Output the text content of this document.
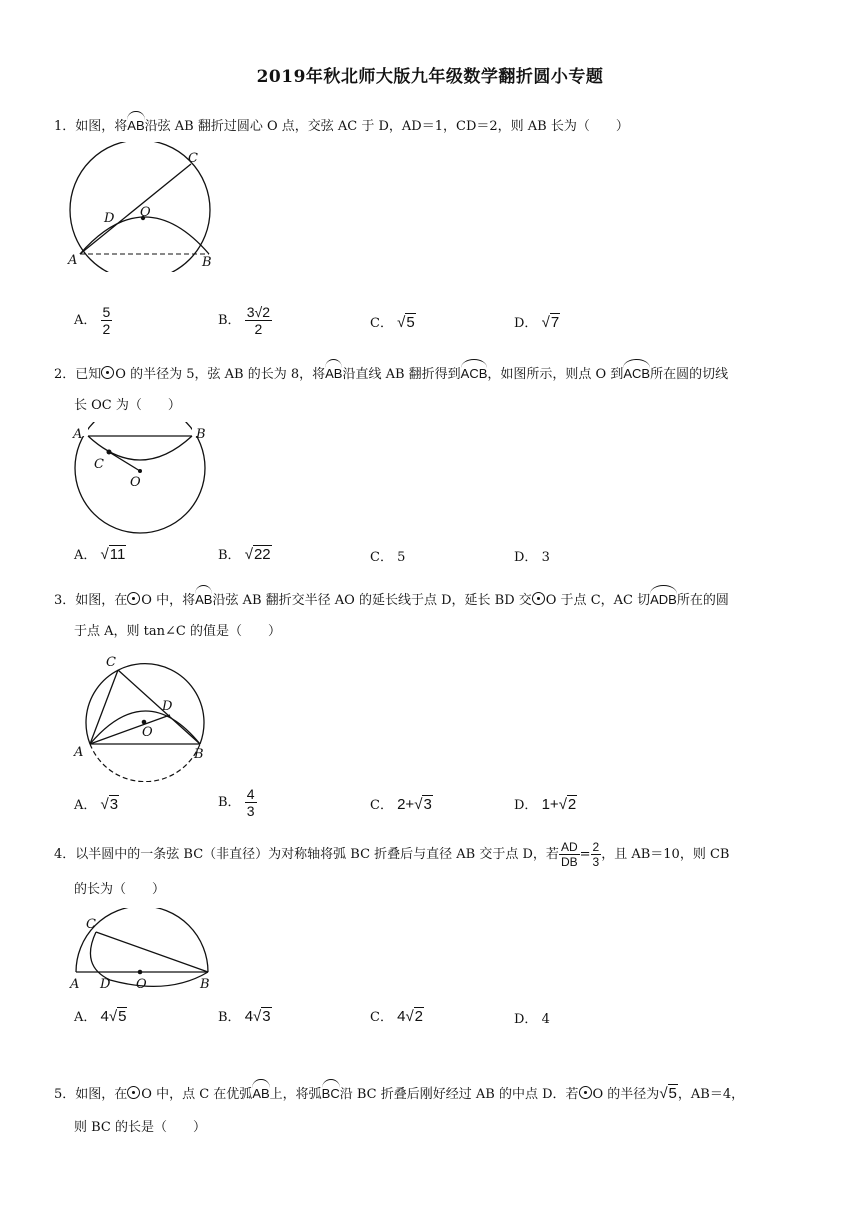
2019年秋北师大版九年级数学翻折圆小专题
1．如图，将AB沿弦 AB 翻折过圆心 O 点，交弦 AC 于 D，AD＝1，CD＝2，则 AB 长为（　　）
A	B
C
D O
A． $\frac{5}{2}$	B． $\frac{3√2}{2}$	C． √5	D． √7
2．已知 O 的半径为 5，弦 AB 的长为 8，将AB沿直线 AB 翻折得到ACB，如图所示，则点 O 到ACB所在圆的切线
长 OC 为（　　）
A	B
C
O
A． √11	B． √22	C． 5	D． 3
3．如图，在 O 中，将AB沿弦 AB 翻折交半径 AO 的延长线于点 D，延长 BD 交 O 于点 C，AC 切ADB所在的圆
于点 A，则 tan∠C 的值是（　　）
A	B
C
D
O
A． √3	B． $\frac{4}{3}$	C． 2+√3	D． 1+√2
4．以半圆中的一条弦 BC（非直径）为对称轴将弧 BC 折叠后与直径 AB 交于点 D，若 $\frac{AD}{DB} = \frac{2}{3}$ ，且 AB＝10，则 CB
的长为（　　）
A	B
C
D O
A． 4√5	B． 4√3	C． 4√2	D． 4
5．如图，在 O 中，点 C 在优弧AB上，将弧BC沿 BC 折叠后刚好经过 AB 的中点 D．若 O 的半径为√5，AB＝4，
则 BC 的长是（　　）
